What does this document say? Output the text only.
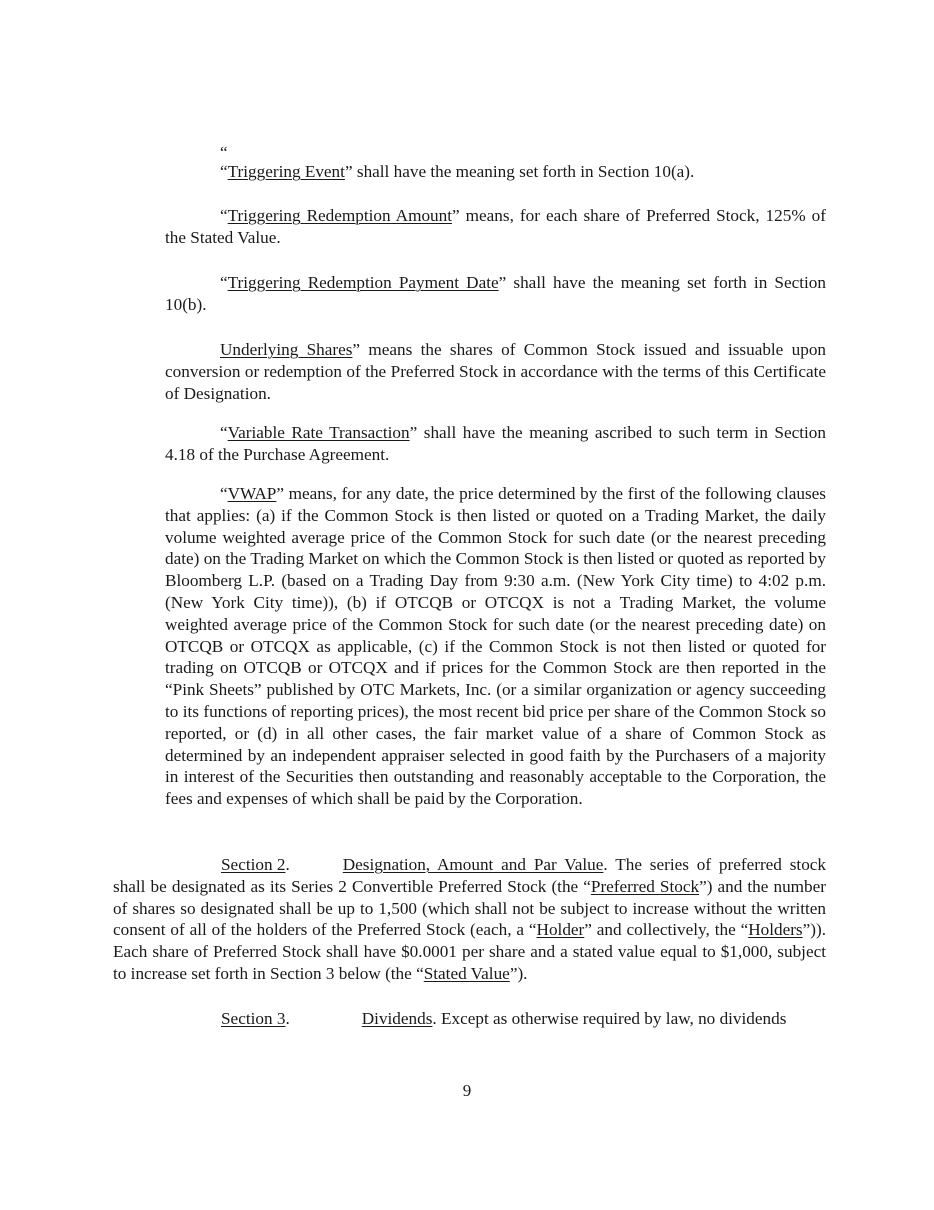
“

“Triggering Event” shall have the meaning set forth in Section 10(a).

“Triggering Redemption Amount” means, for each share of Preferred Stock, 125% of the Stated Value.

“Triggering Redemption Payment Date” shall have the meaning set forth in Section 10(b).

Underlying Shares” means the shares of Common Stock issued and issuable upon conversion or redemption of the Preferred Stock in accordance with the terms of this Certificate of Designation.

“Variable Rate Transaction” shall have the meaning ascribed to such term in Section 4.18 of the Purchase Agreement.

“VWAP” means, for any date, the price determined by the first of the following clauses that applies: (a) if the Common Stock is then listed or quoted on a Trading Market, the daily volume weighted average price of the Common Stock for such date (or the nearest preceding date) on the Trading Market on which the Common Stock is then listed or quoted as reported by Bloomberg L.P. (based on a Trading Day from 9:30 a.m. (New York City time) to 4:02 p.m. (New York City time)), (b) if OTCQB or OTCQX is not a Trading Market, the volume weighted average price of the Common Stock for such date (or the nearest preceding date) on OTCQB or OTCQX as applicable, (c) if the Common Stock is not then listed or quoted for trading on OTCQB or OTCQX and if prices for the Common Stock are then reported in the “Pink Sheets” published by OTC Markets, Inc. (or a similar organization or agency succeeding to its functions of reporting prices), the most recent bid price per share of the Common Stock so reported, or (d) in all other cases, the fair market value of a share of Common Stock as determined by an independent appraiser selected in good faith by the Purchasers of a majority in interest of the Securities then outstanding and reasonably acceptable to the Corporation, the fees and expenses of which shall be paid by the Corporation.

Section 2.	Designation, Amount and Par Value. The series of preferred stock shall be designated as its Series 2 Convertible Preferred Stock (the “Preferred Stock”) and the number of shares so designated shall be up to 1,500 (which shall not be subject to increase without the written consent of all of the holders of the Preferred Stock (each, a “Holder” and collectively, the “Holders”)). Each share of Preferred Stock shall have $0.0001 per share and a stated value equal to $1,000, subject to increase set forth in Section 3 below (the “Stated Value”).

Section 3.	Dividends. Except as otherwise required by law, no dividends

9
